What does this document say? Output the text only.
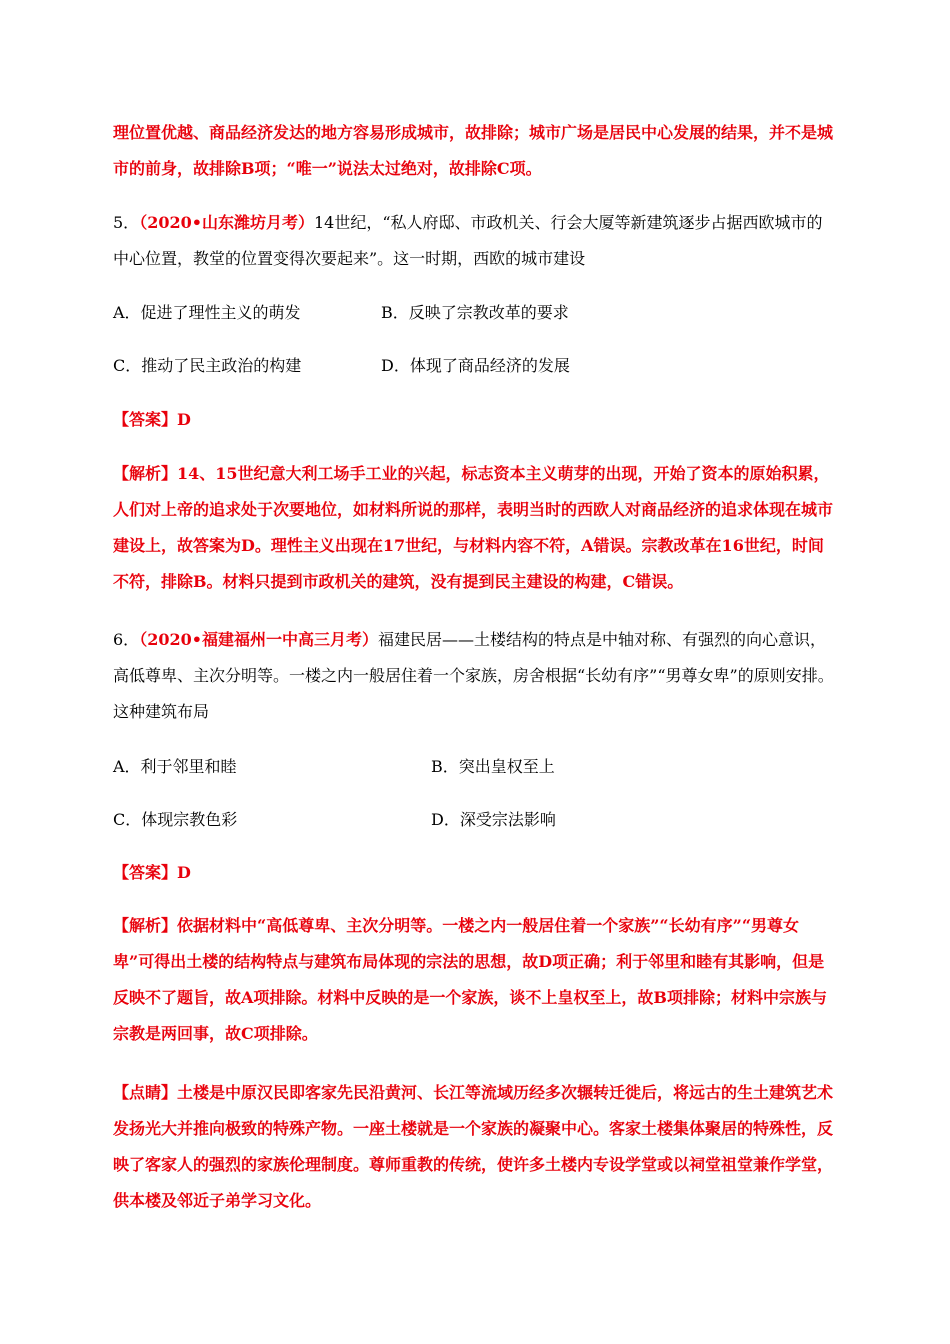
理位置优越、商品经济发达的地方容易形成城市，故排除；城市广场是居民中心发展的结果，并不是城市的前身，故排除B项；“唯一”说法太过绝对，故排除C项。

5．（2020•山东潍坊月考）14世纪，“私人府邸、市政机关、行会大厦等新建筑逐步占据西欧城市的中心位置，教堂的位置变得次要起来”。这一时期，西欧的城市建设

A．促进了理性主义的萌发	B．反映了宗教改革的要求
C．推动了民主政治的构建	D．体现了商品经济的发展

【答案】D

【解析】14、15世纪意大利工场手工业的兴起，标志资本主义萌芽的出现，开始了资本的原始积累，人们对上帝的追求处于次要地位，如材料所说的那样，表明当时的西欧人对商品经济的追求体现在城市建设上，故答案为D。理性主义出现在17世纪，与材料内容不符，A错误。宗教改革在16世纪，时间不符，排除B。材料只提到市政机关的建筑，没有提到民主建设的构建，C错误。

6．（2020•福建福州一中高三月考）福建民居——土楼结构的特点是中轴对称、有强烈的向心意识，高低尊卑、主次分明等。一楼之内一般居住着一个家族，房舍根据“长幼有序”“男尊女卑”的原则安排。这种建筑布局

A．利于邻里和睦	B．突出皇权至上
C．体现宗教色彩	D．深受宗法影响

【答案】D

【解析】依据材料中“高低尊卑、主次分明等。一楼之内一般居住着一个家族”“长幼有序”“男尊女卑”可得出土楼的结构特点与建筑布局体现的宗法的思想，故D项正确；利于邻里和睦有其影响，但是反映不了题旨，故A项排除。材料中反映的是一个家族，谈不上皇权至上，故B项排除；材料中宗族与宗教是两回事，故C项排除。

【点睛】土楼是中原汉民即客家先民沿黄河、长江等流域历经多次辗转迁徙后，将远古的生土建筑艺术发扬光大并推向极致的特殊产物。一座土楼就是一个家族的凝聚中心。客家土楼集体聚居的特殊性，反映了客家人的强烈的家族伦理制度。尊师重教的传统，使许多土楼内专设学堂或以祠堂祖堂兼作学堂，供本楼及邻近子弟学习文化。
